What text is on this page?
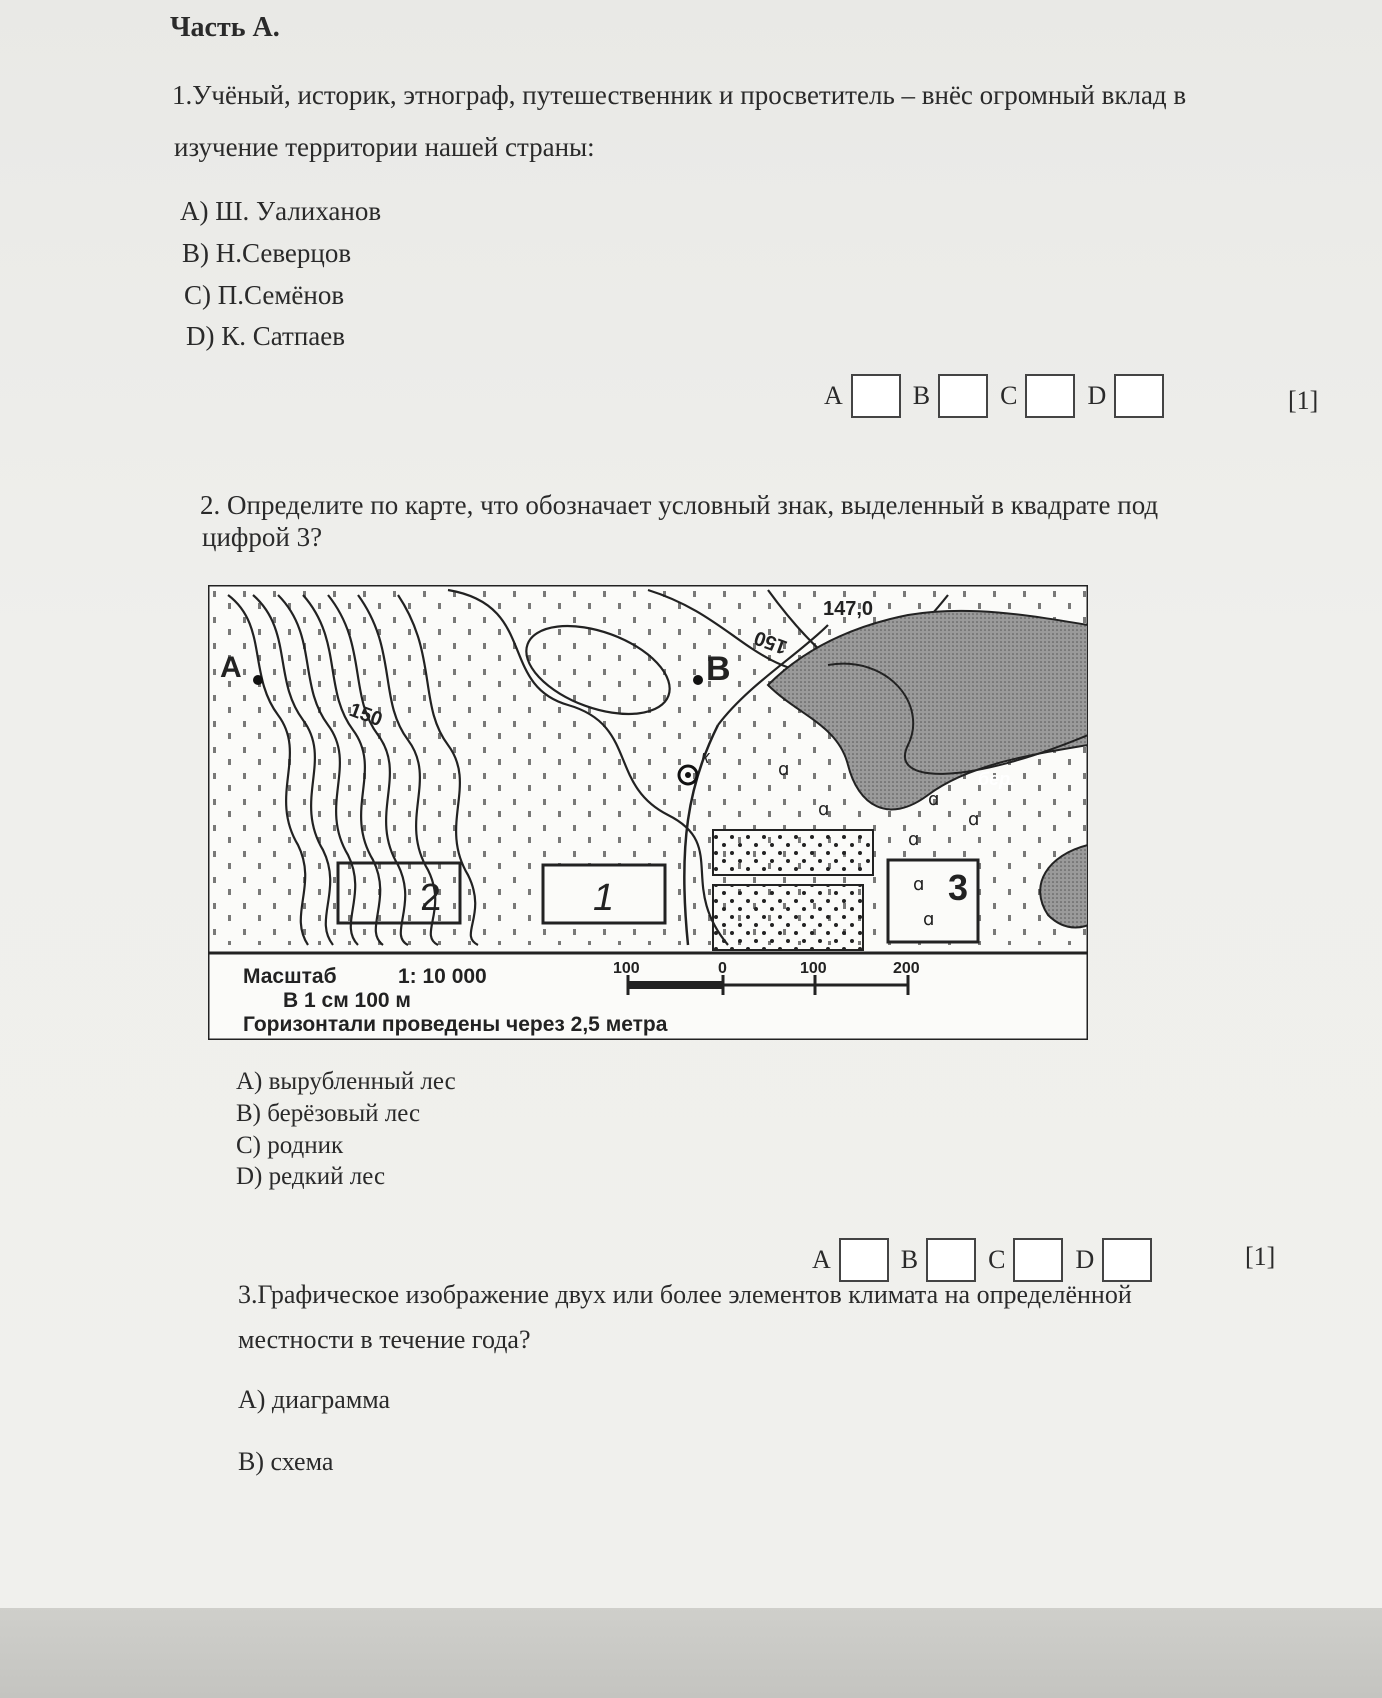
Часть А.
1.Учёный, историк, этнограф, путешественник и просветитель – внёс огромный вклад в
изучение территории нашей страны:
A) Ш. Уалиханов
B) Н.Северцов
C) П.Семёнов
D) К. Сатпаев
A	B	C	D	[1]
2. Определите по карте, что обозначает условный знак, выделенный в квадрате под
цифрой 3?
A	B
к
147,0
150
150
бер.
ɑ
ɑ	ɑ
ɑ
ɑ
2	1	3
ɑ
ɑ
Масштаб	1: 10 000
В 1 см 100 м
Горизонтали проведены через 2,5 метра
100	0	100	200
A) вырубленный лес
B) берёзовый лес
C) родник
D) редкий лес
A	B	C	D	[1]
3.Графическое изображение двух или более элементов климата на определённой
местности в течение года?
A) диаграмма
B) схема
